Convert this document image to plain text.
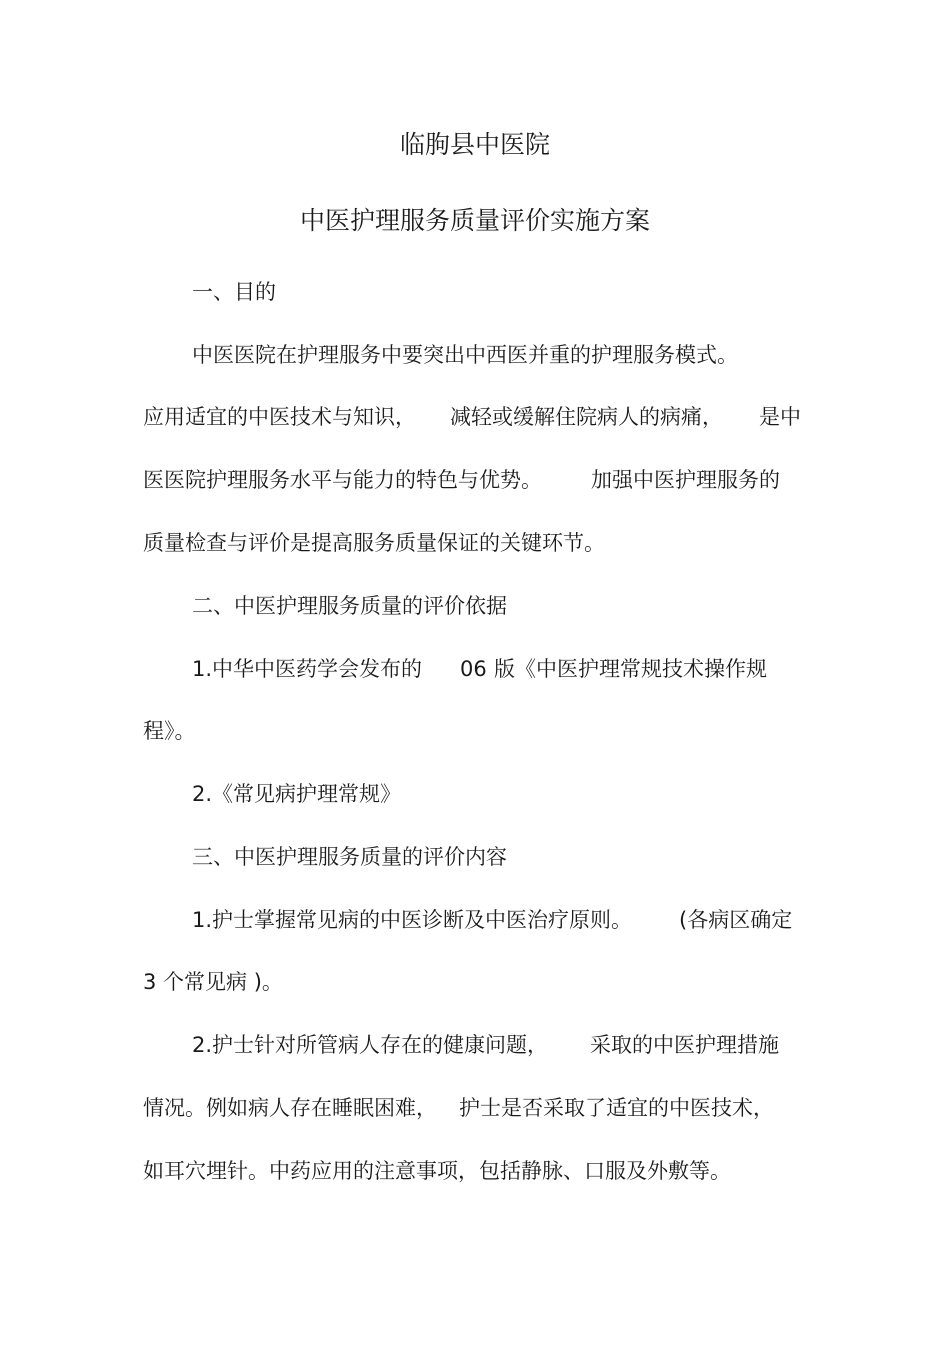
临朐县中医院
中医护理服务质量评价实施方案
一、目的
中医医院在护理服务中要突出中西医并重的护理服务模式。
应用适宜的中医技术与知识， 减轻或缓解住院病人的病痛， 是中
医医院护理服务水平与能力的特色与优势。 加强中医护理服务的
质量检查与评价是提高服务质量保证的关键环节。
二、中医护理服务质量的评价依据
1.中华中医药学会发布的 06 版《中医护理常规技术操作规
程》。
2.《常见病护理常规》
三、中医护理服务质量的评价内容
1.护士掌握常见病的中医诊断及中医治疗原则。 (各病区确定
3 个常见病 )。
2.护士针对所管病人存在的健康问题， 采取的中医护理措施
情况。例如病人存在睡眠困难， 护士是否采取了适宜的中医技术，
如耳穴埋针。中药应用的注意事项，包括静脉、口服及外敷等。
